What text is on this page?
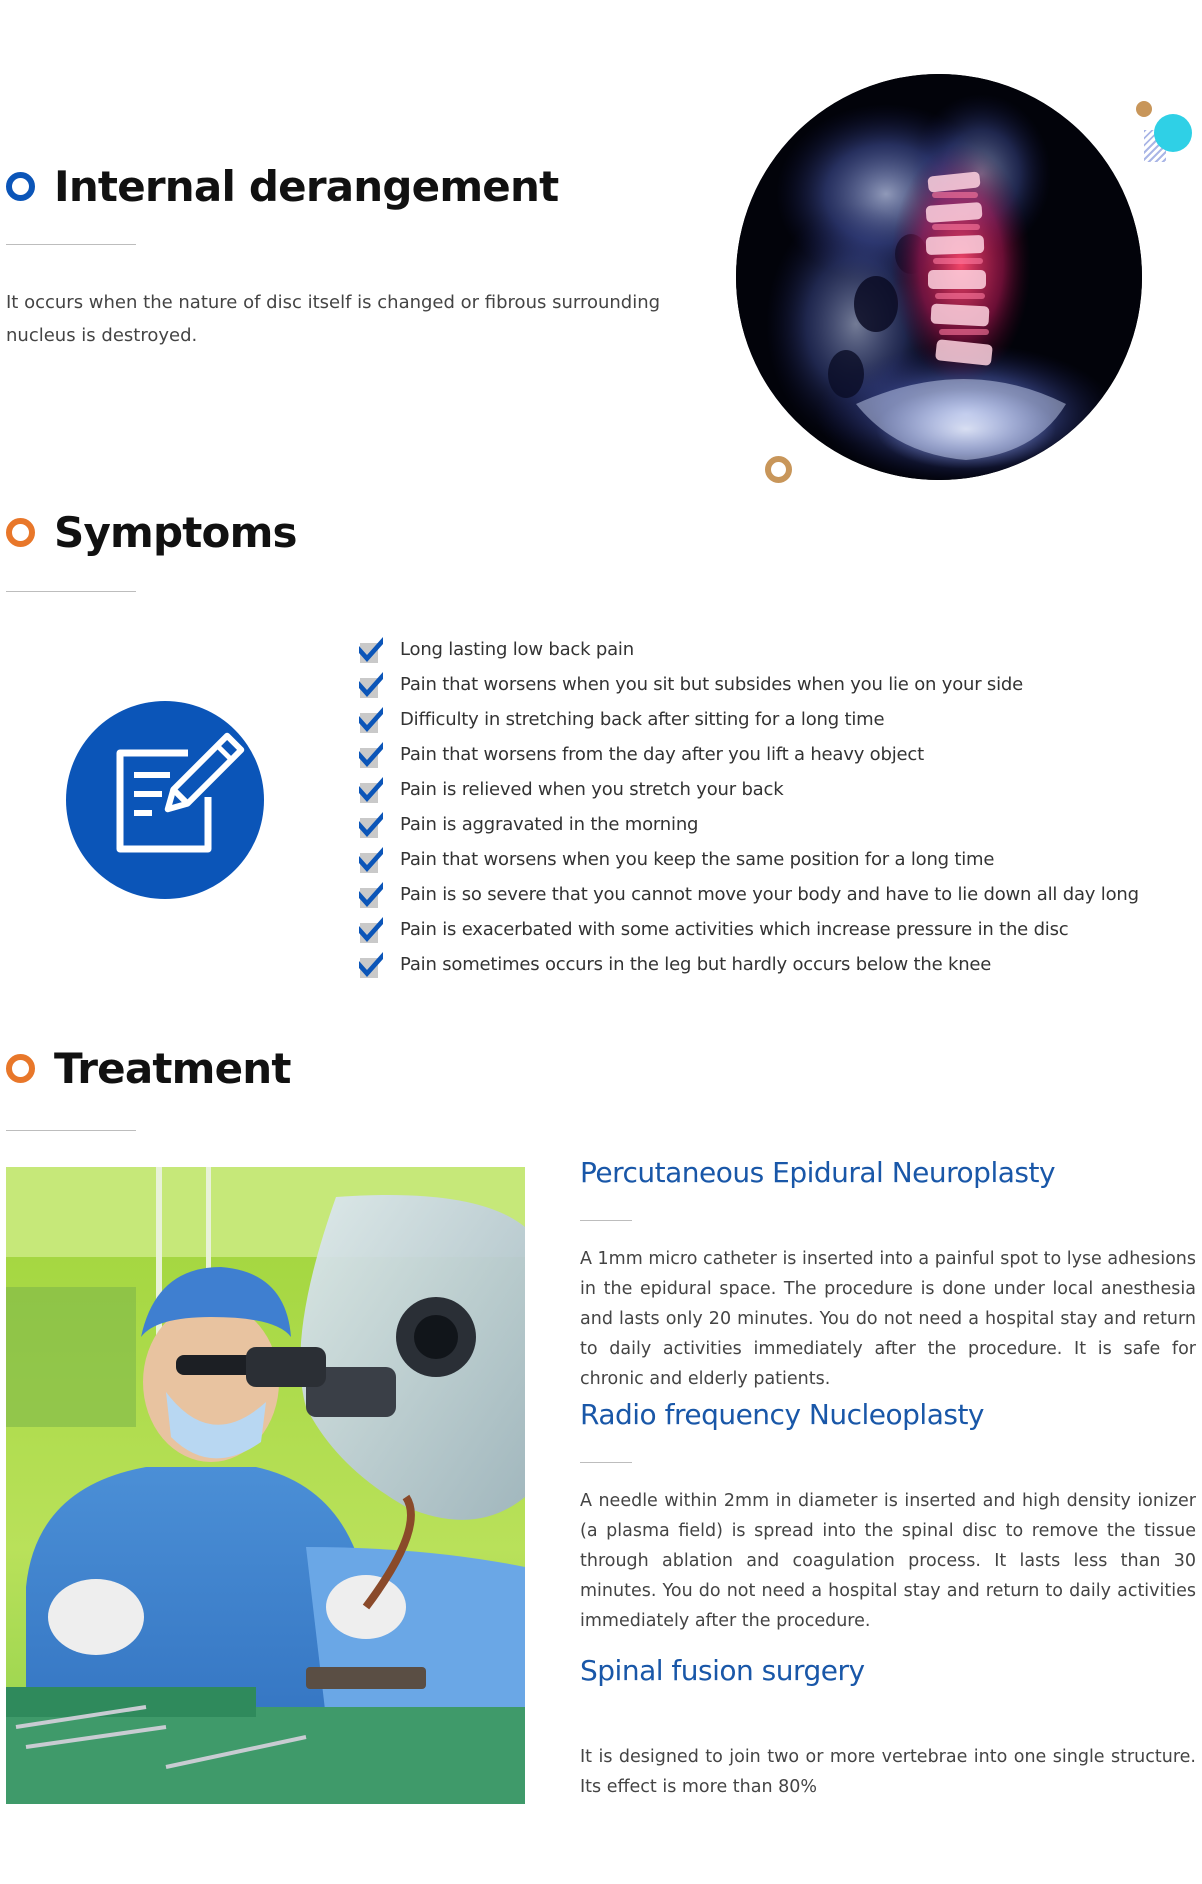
Internal derangement
It occurs when the nature of disc itself is changed or fibrous surrounding nucleus is destroyed.
Symptoms
Long lasting low back pain
Pain that worsens when you sit but subsides when you lie on your side
Difficulty in stretching back after sitting for a long time
Pain that worsens from the day after you lift a heavy object
Pain is relieved when you stretch your back
Pain is aggravated in the morning
Pain that worsens when you keep the same position for a long time
Pain is so severe that you cannot move your body and have to lie down all day long
Pain is exacerbated with some activities which increase pressure in the disc
Pain sometimes occurs in the leg but hardly occurs below the knee
Treatment
Percutaneous Epidural Neuroplasty
A 1mm micro catheter is inserted into a painful spot to lyse adhesions in the epidural space. The procedure is done under local anesthesia and lasts only 20 minutes. You do not need a hospital stay and return to daily activities immediately after the procedure. It is safe for chronic and elderly patients.
Radio frequency Nucleoplasty
A needle within 2mm in diameter is inserted and high density ionizer (a plasma field) is spread into the spinal disc to remove the tissue through ablation and coagulation process. It lasts less than 30 minutes. You do not need a hospital stay and return to daily activities immediately after the procedure.
Spinal fusion surgery
It is designed to join two or more vertebrae into one single structure. Its effect is more than 80%
